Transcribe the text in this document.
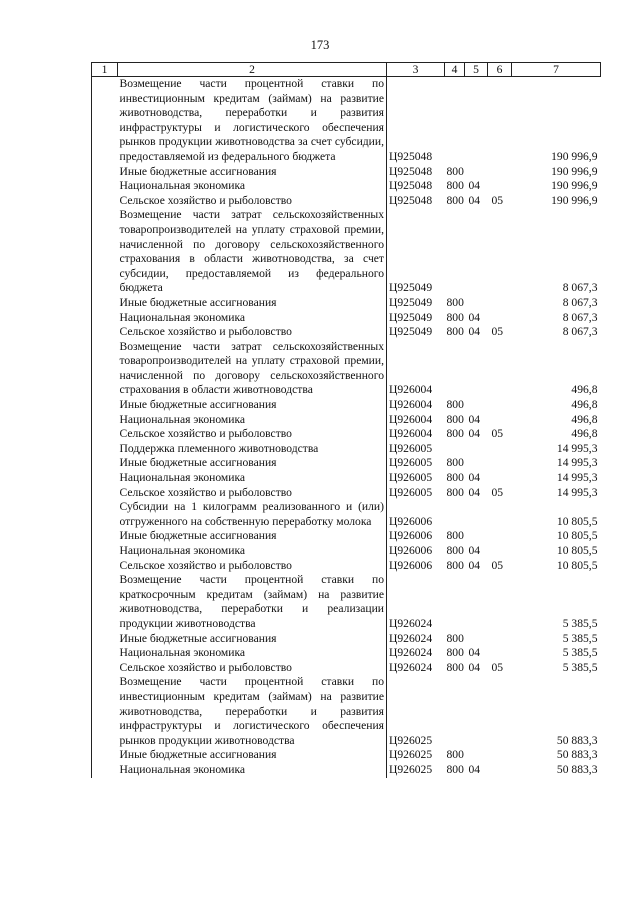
173
1	2	3	4	5	6	7
	Возмещение части процентной ставки по инвестиционным кредитам (займам) на развитие животноводства, переработки и развития инфраструктуры и логистического обеспечения рынков продукции животноводства за счет субсидии, предоставляемой из федерального бюджета	Ц925048				190 996,9
	Иные бюджетные ассигнования	Ц925048	800			190 996,9
	Национальная экономика	Ц925048	800	04		190 996,9
	Сельское хозяйство и рыболовство	Ц925048	800	04	05	190 996,9
	Возмещение части затрат сельскохозяйственных товаропроизводителей на уплату страховой премии, начисленной по договору сельскохозяйственного страхования в области животноводства, за счет субсидии, предоставляемой из федерального бюджета	Ц925049				8 067,3
	Иные бюджетные ассигнования	Ц925049	800			8 067,3
	Национальная экономика	Ц925049	800	04		8 067,3
	Сельское хозяйство и рыболовство	Ц925049	800	04	05	8 067,3
	Возмещение части затрат сельскохозяйственных товаропроизводителей на уплату страховой премии, начисленной по договору сельскохозяйственного страхования в области животноводства	Ц926004				496,8
	Иные бюджетные ассигнования	Ц926004	800			496,8
	Национальная экономика	Ц926004	800	04		496,8
	Сельское хозяйство и рыболовство	Ц926004	800	04	05	496,8
	Поддержка племенного животноводства	Ц926005				14 995,3
	Иные бюджетные ассигнования	Ц926005	800			14 995,3
	Национальная экономика	Ц926005	800	04		14 995,3
	Сельское хозяйство и рыболовство	Ц926005	800	04	05	14 995,3
	Субсидии на 1 килограмм реализованного и (или) отгруженного на собственную переработку молока	Ц926006				10 805,5
	Иные бюджетные ассигнования	Ц926006	800			10 805,5
	Национальная экономика	Ц926006	800	04		10 805,5
	Сельское хозяйство и рыболовство	Ц926006	800	04	05	10 805,5
	Возмещение части процентной ставки по краткосрочным кредитам (займам) на развитие животноводства, переработки и реализации продукции животноводства	Ц926024				5 385,5
	Иные бюджетные ассигнования	Ц926024	800			5 385,5
	Национальная экономика	Ц926024	800	04		5 385,5
	Сельское хозяйство и рыболовство	Ц926024	800	04	05	5 385,5
	Возмещение части процентной ставки по инвестиционным кредитам (займам) на развитие животноводства, переработки и развития инфраструктуры и логистического обеспечения рынков продукции животноводства	Ц926025				50 883,3
	Иные бюджетные ассигнования	Ц926025	800			50 883,3
	Национальная экономика	Ц926025	800	04		50 883,3
